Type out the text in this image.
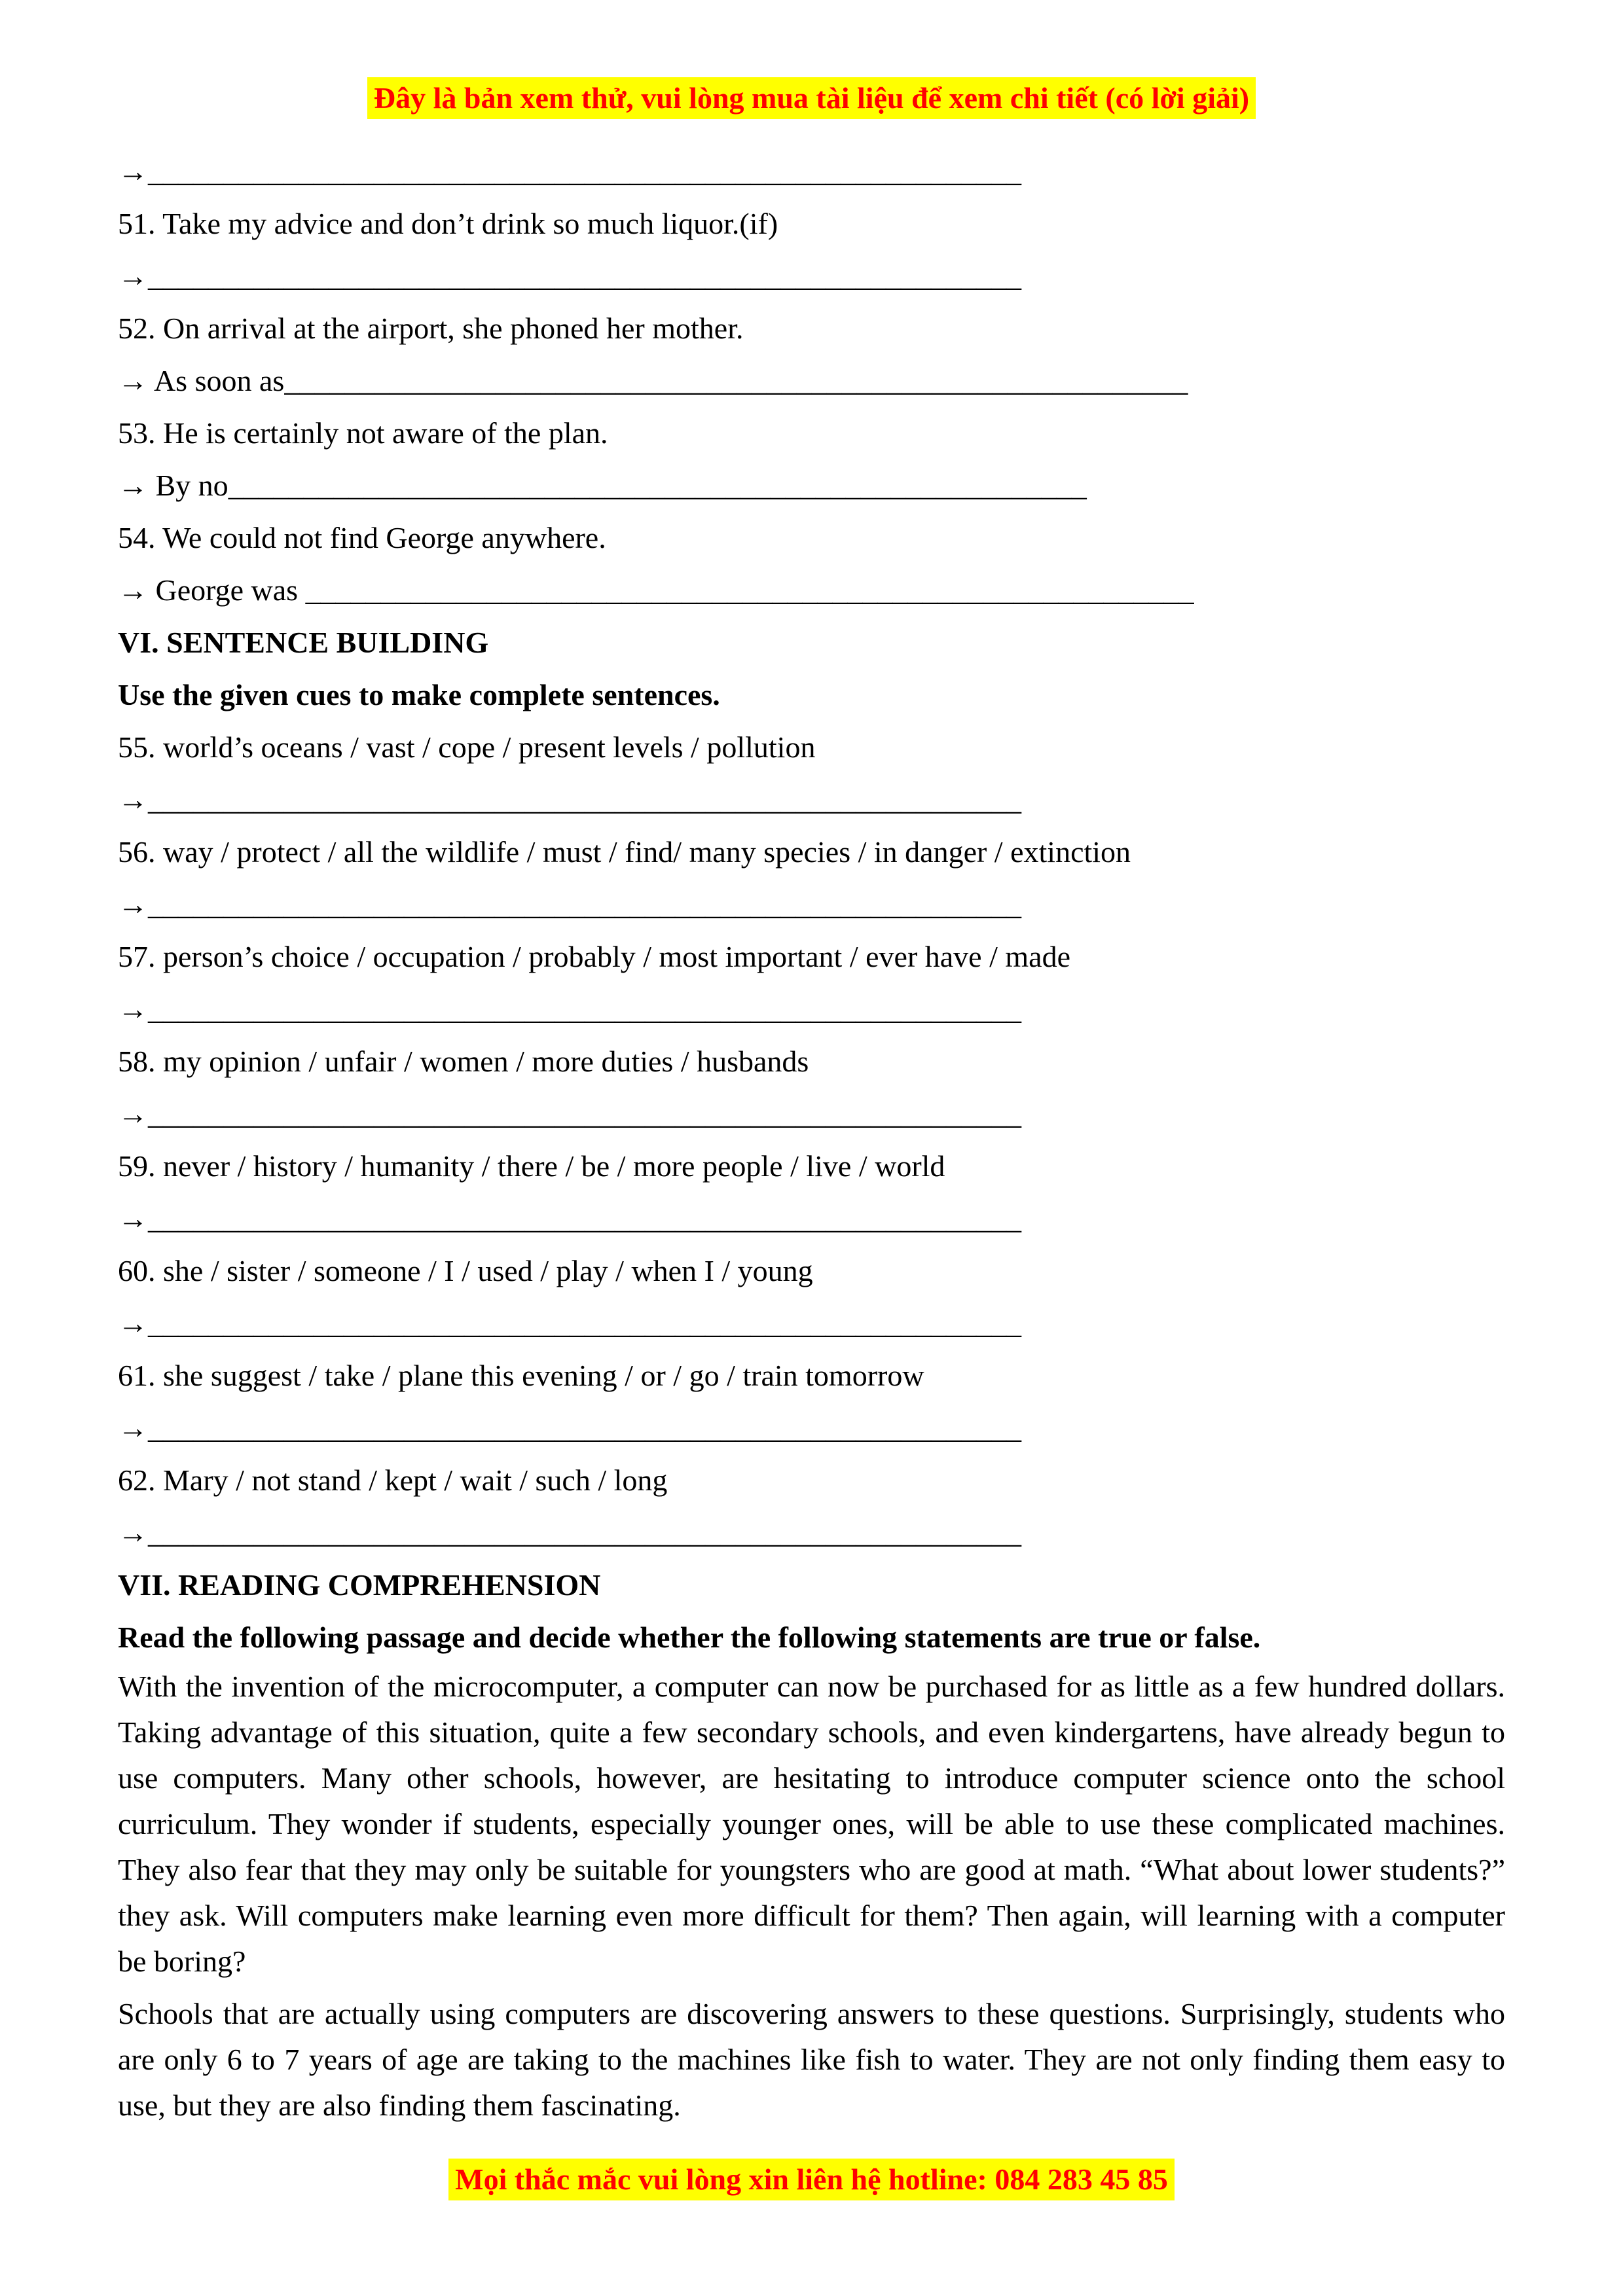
Đây là bản xem thử, vui lòng mua tài liệu để xem chi tiết (có lời giải)
→__________________________________________________________
51. Take my advice and don’t drink so much liquor.(if)
→__________________________________________________________
52. On arrival at the airport, she phoned her mother.
→ As soon as____________________________________________________________
53. He is certainly not aware of the plan.
→ By no_________________________________________________________
54. We could not find George anywhere.
→ George was ___________________________________________________________
VI. SENTENCE BUILDING
Use the given cues to make complete sentences.
55. world’s oceans / vast / cope / present levels / pollution
→__________________________________________________________
56. way / protect / all the wildlife / must / find/ many species / in danger / extinction
→__________________________________________________________
57. person’s choice / occupation / probably / most important / ever have / made
→__________________________________________________________
58. my opinion / unfair / women / more duties / husbands
→__________________________________________________________
59. never / history / humanity / there / be / more people / live / world
→__________________________________________________________
60. she / sister / someone / I / used / play / when I / young
→__________________________________________________________
61. she suggest / take / plane this evening / or / go / train tomorrow
→__________________________________________________________
62. Mary / not stand / kept / wait / such / long
→__________________________________________________________
VII. READING COMPREHENSION
Read the following passage and decide whether the following statements are true or false.

With the invention of the microcomputer, a computer can now be purchased for as little as a few hundred dollars. Taking advantage of this situation, quite a few secondary schools, and even kindergartens, have already begun to use computers. Many other schools, however, are hesitating to introduce computer science onto the school curriculum. They wonder if students, especially younger ones, will be able to use these complicated machines. They also fear that they may only be suitable for youngsters who are good at math. “What about lower students?” they ask. Will computers make learning even more difficult for them? Then again, will learning with a computer be boring?

Schools that are actually using computers are discovering answers to these questions. Surprisingly, students who are only 6 to 7 years of age are taking to the machines like fish to water. They are not only finding them easy to use, but they are also finding them fascinating.

Mọi thắc mắc vui lòng xin liên hệ hotline: 084 283 45 85
